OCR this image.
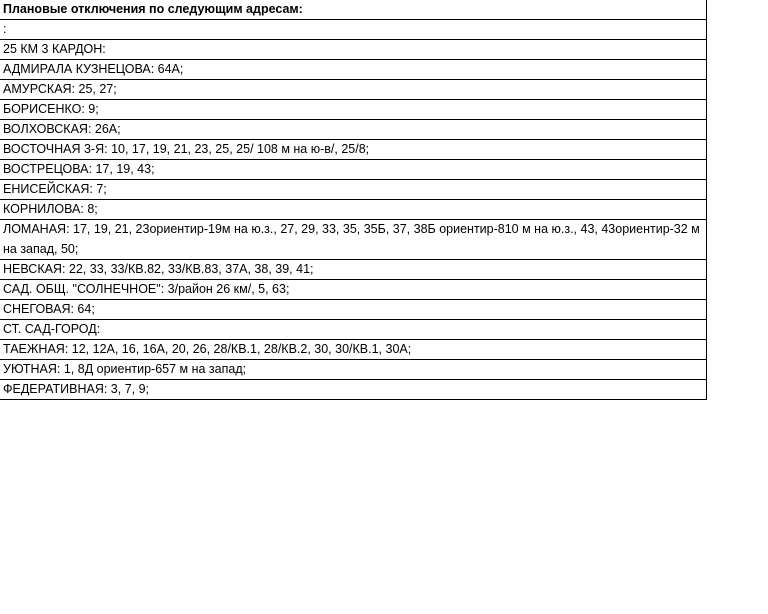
Плановые отключения по следующим адресам:
:
25 КМ 3 КАРДОН:
АДМИРАЛА КУЗНЕЦОВА: 64А;
АМУРСКАЯ: 25, 27;
БОРИСЕНКО: 9;
ВОЛХОВСКАЯ: 26А;
ВОСТОЧНАЯ 3-Я: 10, 17, 19, 21, 23, 25, 25/ 108 м на ю-в/, 25/8;
ВОСТРЕЦОВА: 17, 19, 43;
ЕНИСЕЙСКАЯ: 7;
КОРНИЛОВА: 8;
ЛОМАНАЯ: 17, 19, 21, 23ориентир-19м на ю.з., 27, 29, 33, 35, 35Б, 37, 38Б ориентир-810 м на ю.з., 43, 43ориентир-32 м на запад, 50;
НЕВСКАЯ: 22, 33, 33/КВ.82, 33/КВ.83, 37А, 38, 39, 41;
САД. ОБЩ. "СОЛНЕЧНОЕ": 3/район 26 км/, 5, 63;
СНЕГОВАЯ: 64;
СТ. САД-ГОРОД:
ТАЕЖНАЯ: 12, 12А, 16, 16А, 20, 26, 28/КВ.1, 28/КВ.2, 30, 30/КВ.1, 30А;
УЮТНАЯ: 1, 8Д ориентир-657 м на запад;
ФЕДЕРАТИВНАЯ: 3, 7, 9;
